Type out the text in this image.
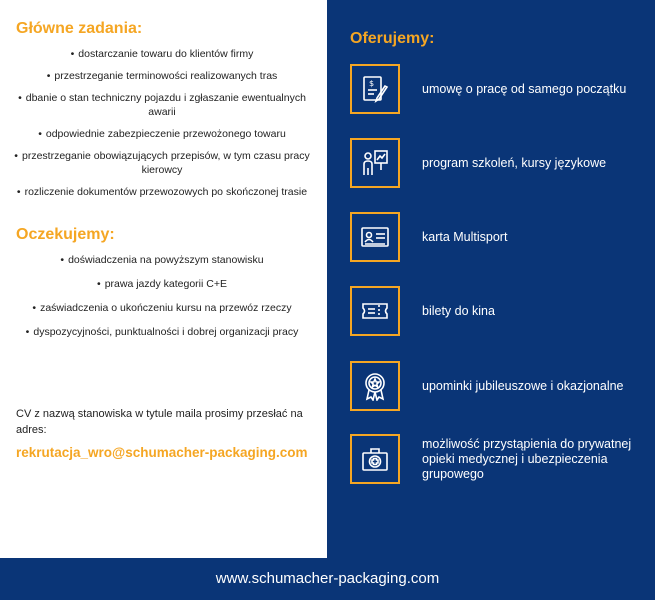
Główne zadania:
• dostarczanie towaru do klientów firmy
• przestrzeganie terminowości realizowanych tras
• dbanie o stan techniczny pojazdu i zgłaszanie ewentualnych awarii
• odpowiednie zabezpieczenie przewożonego towaru
• przestrzeganie obowiązujących przepisów, w tym czasu pracy kierowcy
• rozliczenie dokumentów przewozowych po skończonej trasie
Oczekujemy:
• doświadczenia na powyższym stanowisku
• prawa jazdy kategorii C+E
• zaświadczenia o ukończeniu kursu na przewóz rzeczy
• dyspozycyjności, punktualności i dobrej organizacji pracy
CV z nazwą stanowiska w tytule maila prosimy przesłać na adres:
rekrutacja_wro@schumacher-packaging.com
Oferujemy:
$	umowę o pracę od samego początku
program szkoleń, kursy językowe
karta Multisport
bilety do kina
upominki jubileuszowe i okazjonalne
możliwość przystąpienia do prywatnej opieki medycznej i ubezpieczenia grupowego
www.schumacher-packaging.com
